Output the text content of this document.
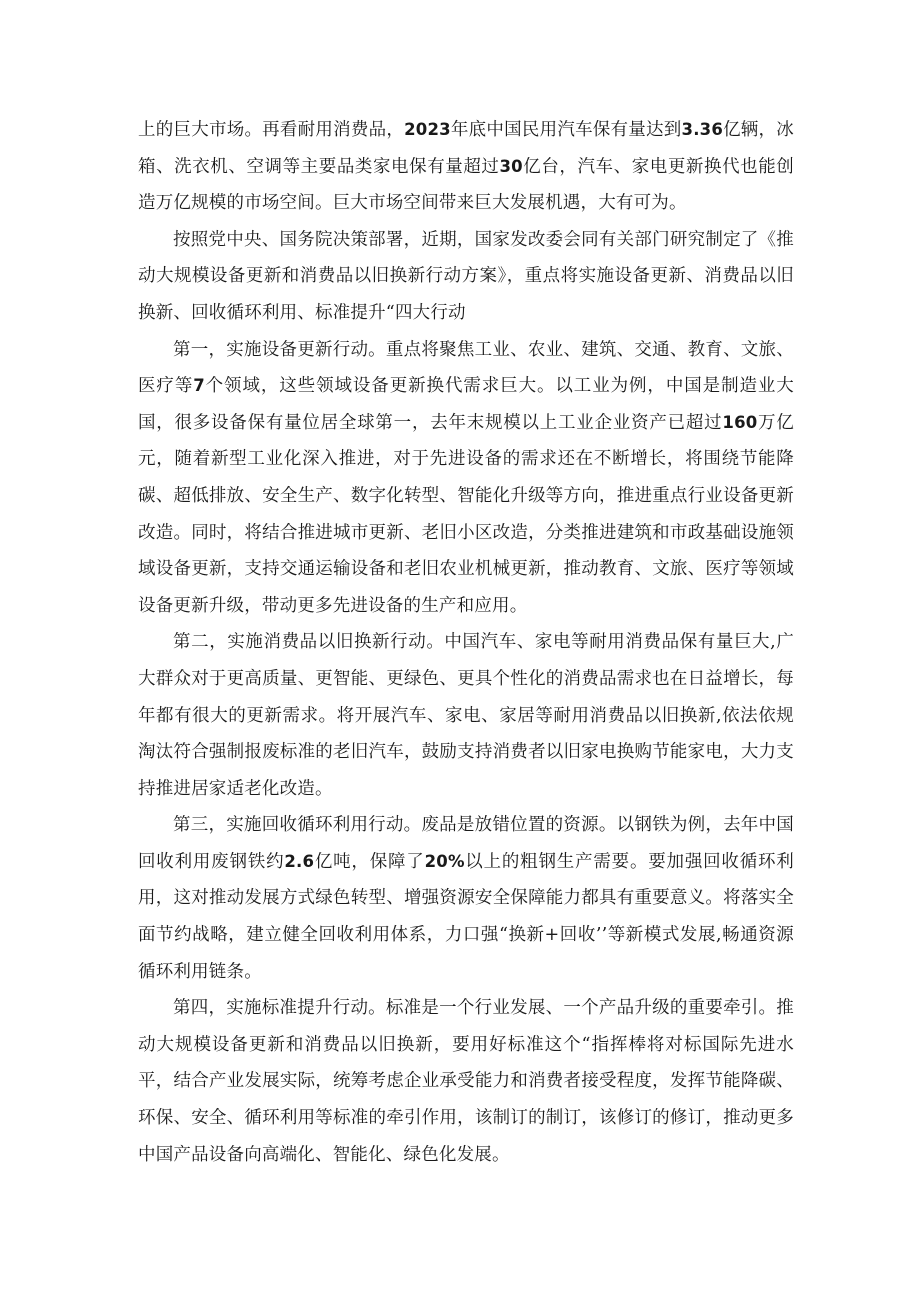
上的巨大市场。再看耐用消费品，2023年底中国民用汽车保有量达到3.36亿辆，冰箱、洗衣机、空调等主要品类家电保有量超过30亿台，汽车、家电更新换代也能创造万亿规模的市场空间。巨大市场空间带来巨大发展机遇，大有可为。

按照党中央、国务院决策部署，近期，国家发改委会同有关部门研究制定了《推动大规模设备更新和消费品以旧换新行动方案》，重点将实施设备更新、消费品以旧换新、回收循环利用、标准提升“四大行动

第一，实施设备更新行动。重点将聚焦工业、农业、建筑、交通、教育、文旅、医疗等7个领域，这些领域设备更新换代需求巨大。以工业为例，中国是制造业大国，很多设备保有量位居全球第一，去年末规模以上工业企业资产已超过160万亿元，随着新型工业化深入推进，对于先进设备的需求还在不断增长，将围绕节能降碳、超低排放、安全生产、数字化转型、智能化升级等方向，推进重点行业设备更新改造。同时，将结合推进城市更新、老旧小区改造，分类推进建筑和市政基础设施领域设备更新，支持交通运输设备和老旧农业机械更新，推动教育、文旅、医疗等领域设备更新升级，带动更多先进设备的生产和应用。

第二，实施消费品以旧换新行动。中国汽车、家电等耐用消费品保有量巨大,广大群众对于更高质量、更智能、更绿色、更具个性化的消费品需求也在日益增长，每年都有很大的更新需求。将开展汽车、家电、家居等耐用消费品以旧换新,依法依规淘汰符合强制报废标准的老旧汽车，鼓励支持消费者以旧家电换购节能家电，大力支持推进居家适老化改造。

第三，实施回收循环利用行动。废品是放错位置的资源。以钢铁为例，去年中国回收利用废钢铁约2.6亿吨，保障了20%以上的粗钢生产需要。要加强回收循环利用，这对推动发展方式绿色转型、增强资源安全保障能力都具有重要意义。将落实全面节约战略，建立健全回收利用体系，力口强“换新+回收’’等新模式发展,畅通资源循环利用链条。

第四，实施标准提升行动。标准是一个行业发展、一个产品升级的重要牵引。推动大规模设备更新和消费品以旧换新，要用好标准这个“指挥棒将对标国际先进水平，结合产业发展实际，统筹考虑企业承受能力和消费者接受程度，发挥节能降碳、环保、安全、循环利用等标准的牵引作用，该制订的制订，该修订的修订，推动更多中国产品设备向高端化、智能化、绿色化发展。
